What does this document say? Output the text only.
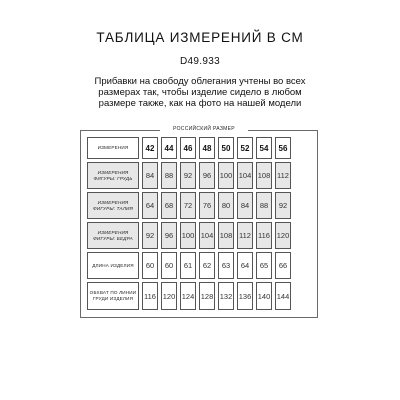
ТАБЛИЦА ИЗМЕРЕНИЙ В СМ
D49.933
Прибавки на свободу облегания учтены во всех размерах так, чтобы изделие сидело в любом размере также, как на фото на нашей модели
РОССИЙСКИЙ РАЗМЕР
ИЗМЕРЕНИЯ	42	44	46	48	50	52	54	56
ИЗМЕРЕНИЯ ФИГУРЫ: ГРУДЬ	84	88	92	96	100	104	108	112
ИЗМЕРЕНИЯ ФИГУРЫ: ТАЛИЯ	64	68	72	76	80	84	88	92
ИЗМЕРЕНИЯ ФИГУРЫ: БЕДРА	92	96	100	104	108	112	116	120
ДЛИНА ИЗДЕЛИЯ	60	60	61	62	63	64	65	66
ОБХВАТ ПО ЛИНИИ ГРУДИ ИЗДЕЛИЯ	116	120	124	128	132	136	140	144
